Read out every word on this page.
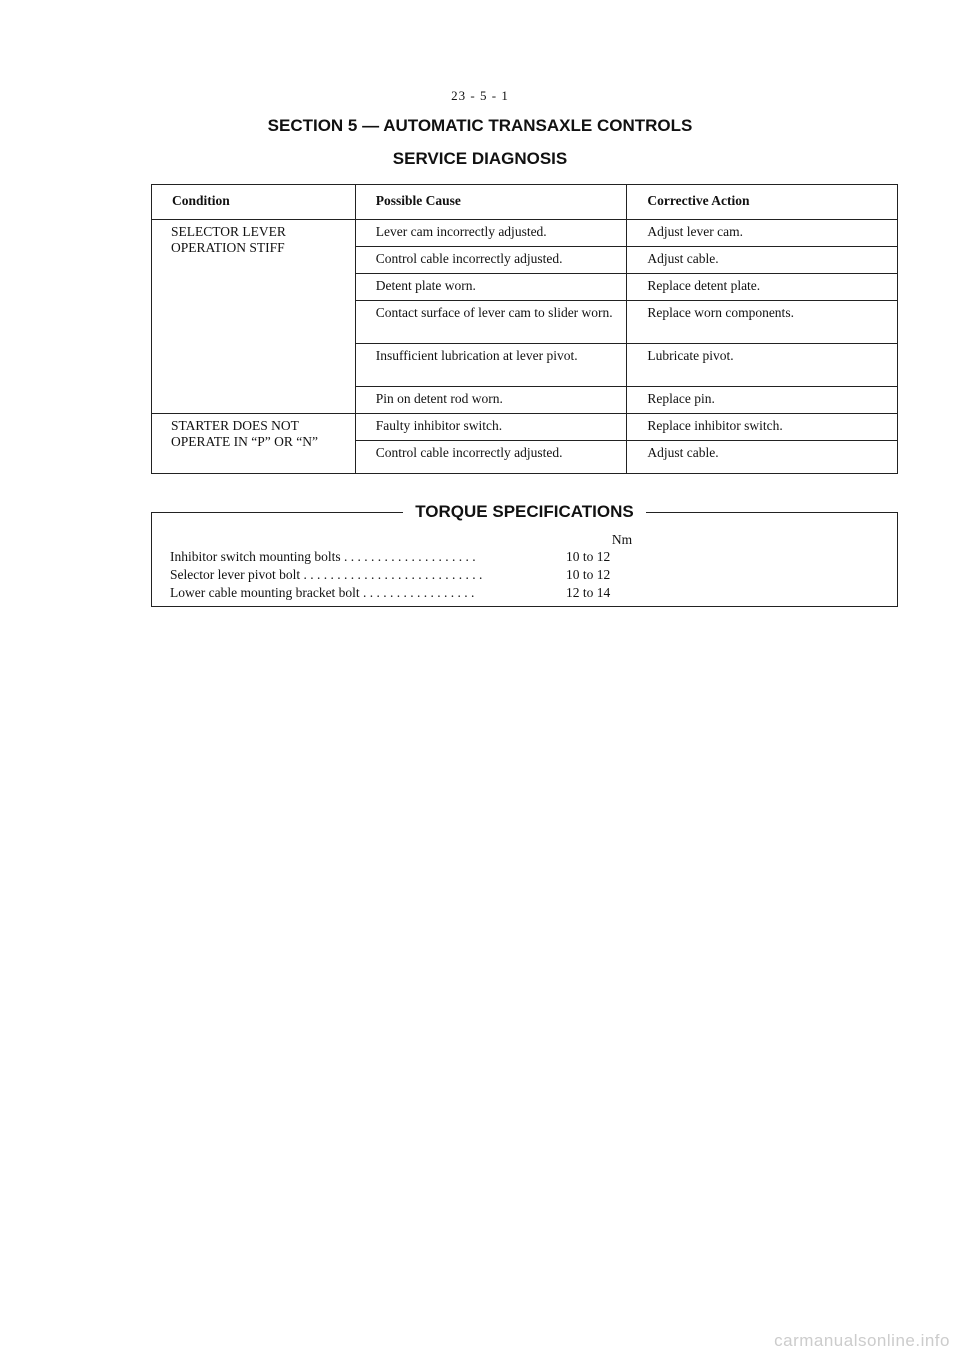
23 - 5 - 1
SECTION 5 — AUTOMATIC TRANSAXLE CONTROLS
SERVICE DIAGNOSIS
Condition	Possible Cause	Corrective Action
SELECTOR LEVER OPERATION STIFF	Lever cam incorrectly adjusted.	Adjust lever cam.
	Control cable incorrectly adjusted.	Adjust cable.
	Detent plate worn.	Replace detent plate.
	Contact surface of lever cam to slider worn.	Replace worn components.
	Insufficient lubrication at lever pivot.	Lubricate pivot.
	Pin on detent rod worn.	Replace pin.
STARTER DOES NOT OPERATE IN “P” OR “N”	Faulty inhibitor switch.	Replace inhibitor switch.
	Control cable incorrectly adjusted.	Adjust cable.
TORQUE SPECIFICATIONS
Nm
Inhibitor switch mounting bolts . . . . . . . . . . . . . . . . . . . .	10 to 12
Selector lever pivot bolt . . . . . . . . . . . . . . . . . . . . . . . . . . .	10 to 12
Lower cable mounting bracket bolt . . . . . . . . . . . . . . . . .	12 to 14
carmanualsonline.info
